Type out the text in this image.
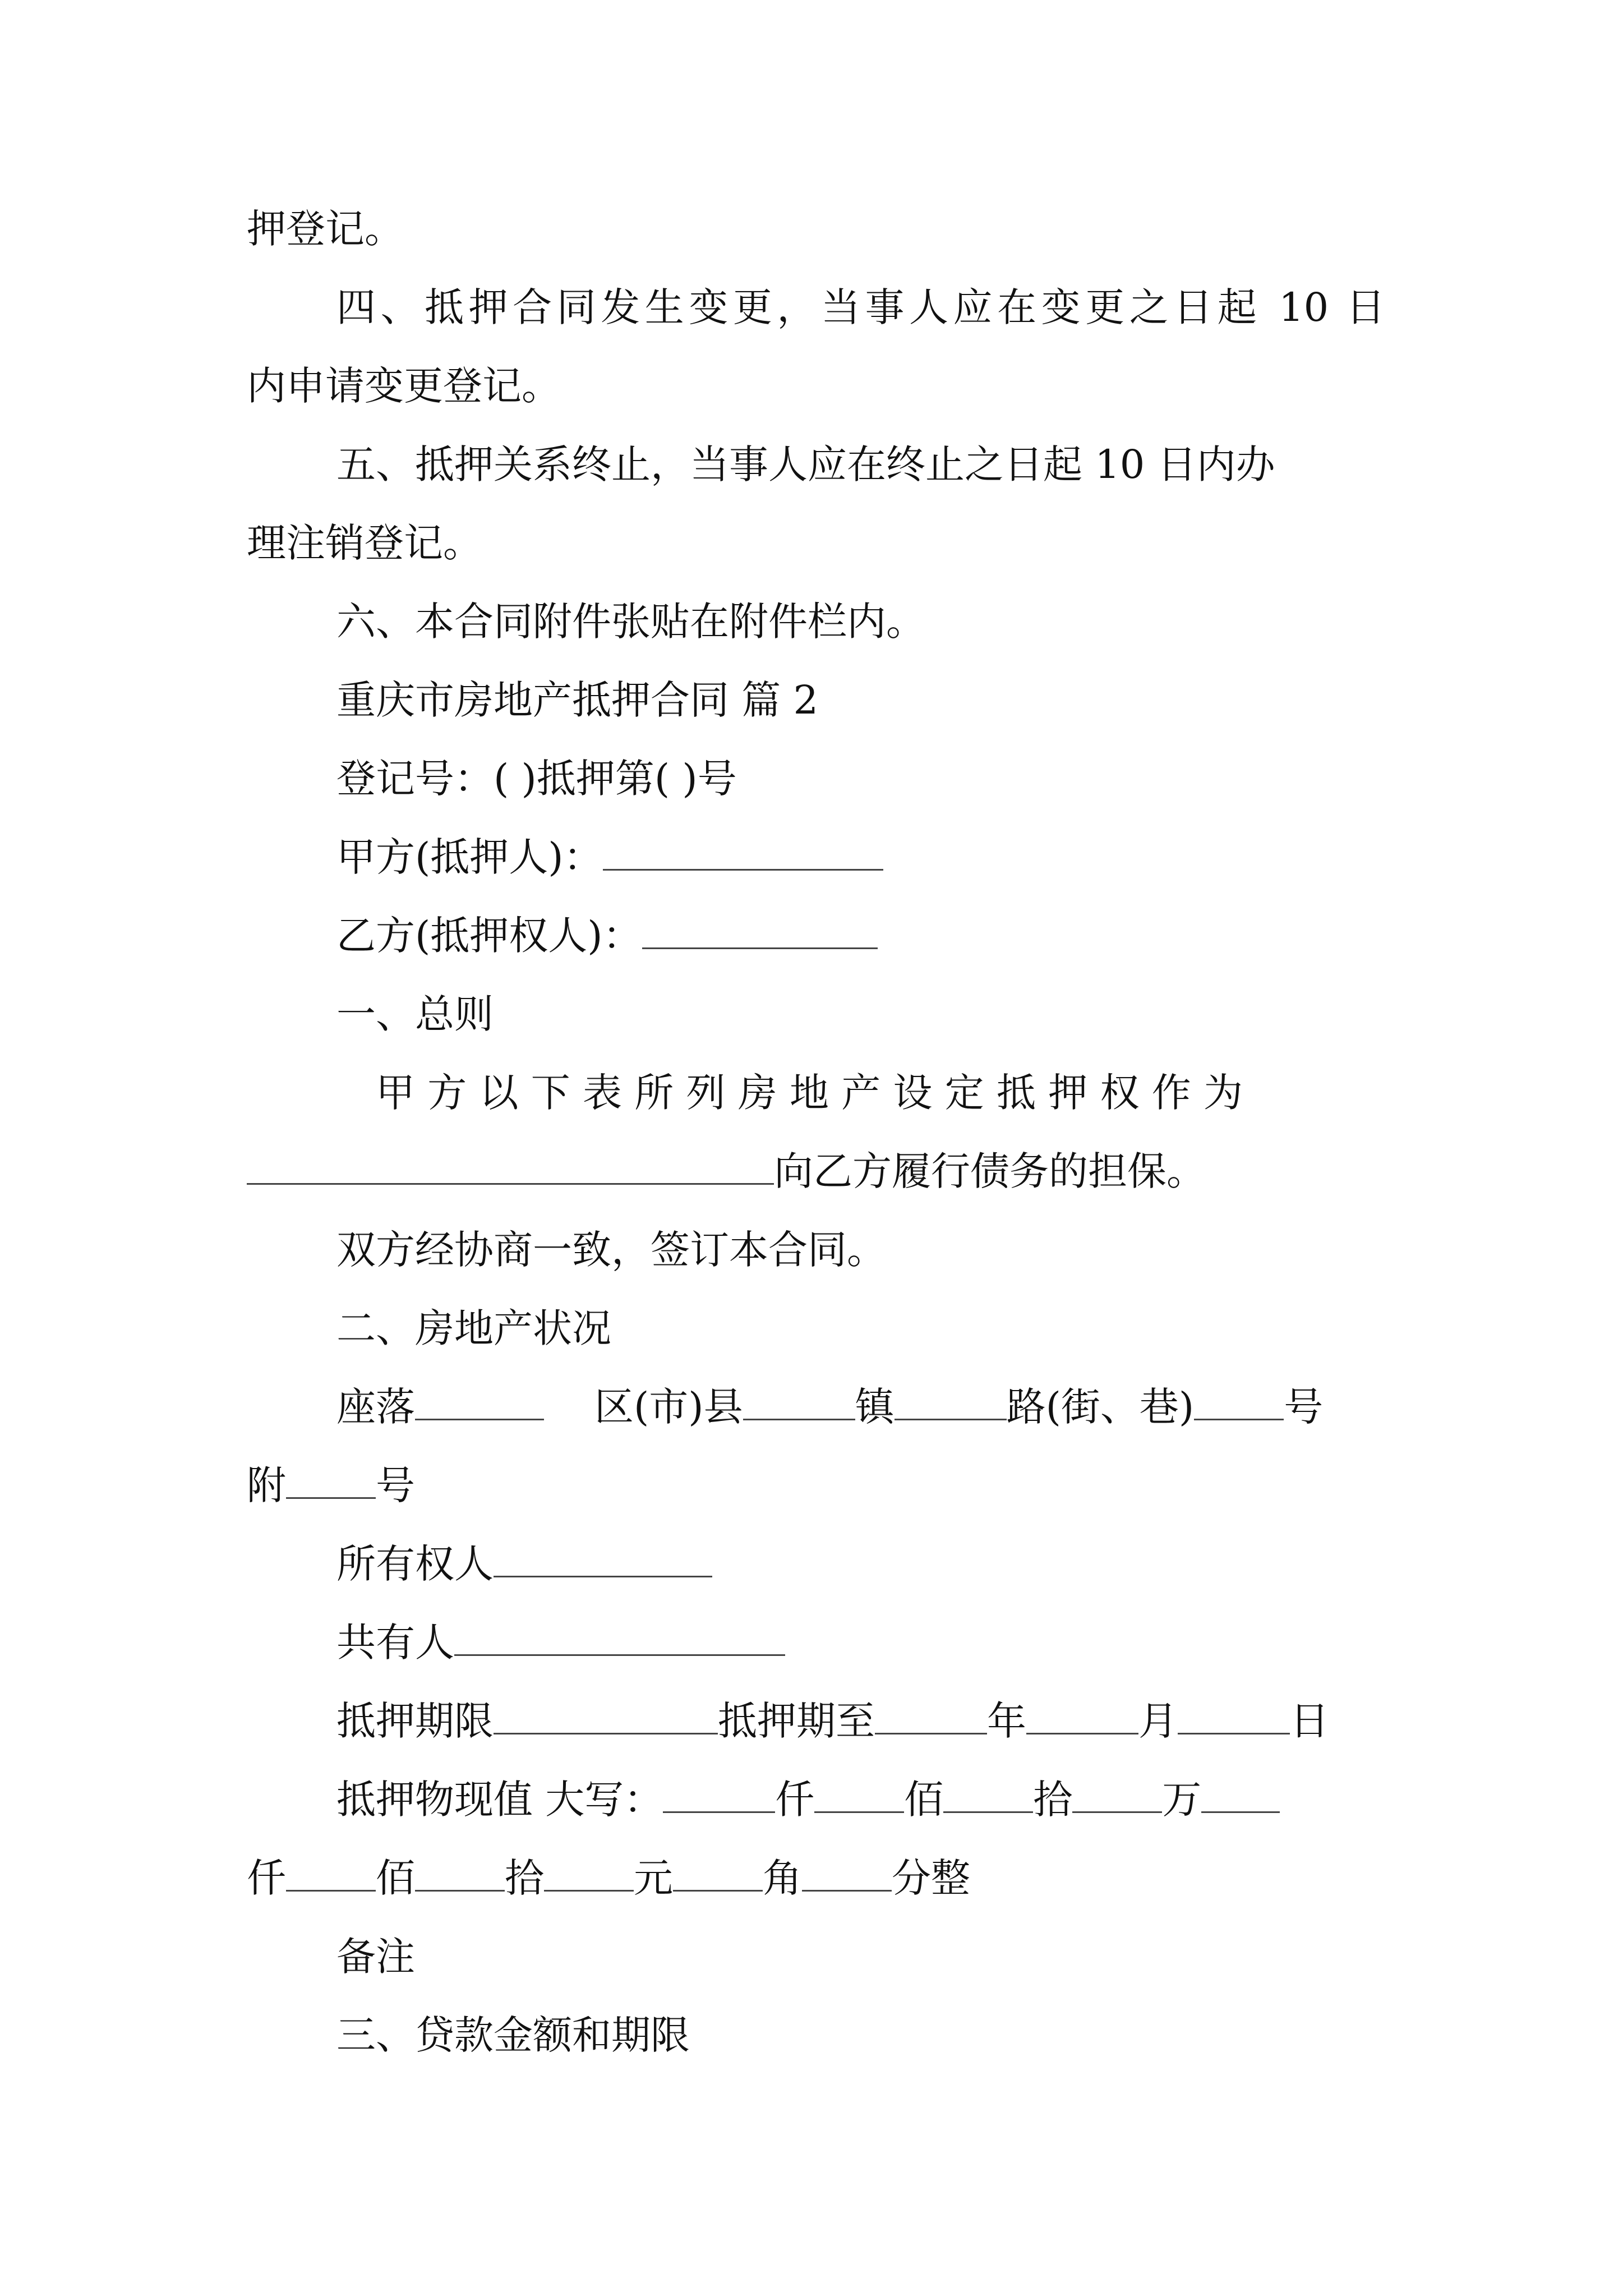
押登记。
四、抵押合同发生变更，当事人应在变更之日起 10 日
内申请变更登记。
五、抵押关系终止，当事人应在终止之日起 10 日内办
理注销登记。
六、本合同附件张贴在附件栏内。
重庆市房地产抵押合同 篇 2
登记号：( )抵押第( )号
甲方(抵押人)：
乙方(抵押权人)：
一、总则
甲 方 以 下 表 所 列 房 地 产 设 定 抵 押 权 作 为
向乙方履行债务的担保。
双方经协商一致，签订本合同。
二、房地产状况
座落	区(市)县	镇	路(街、巷) 号
附 号
所有权人
共有人
抵押期限	抵押期至	年	月	日
抵押物现值 大写：	仟 佰 拾 万
仟 佰 拾 元 角 分整
备注
三、贷款金额和期限
